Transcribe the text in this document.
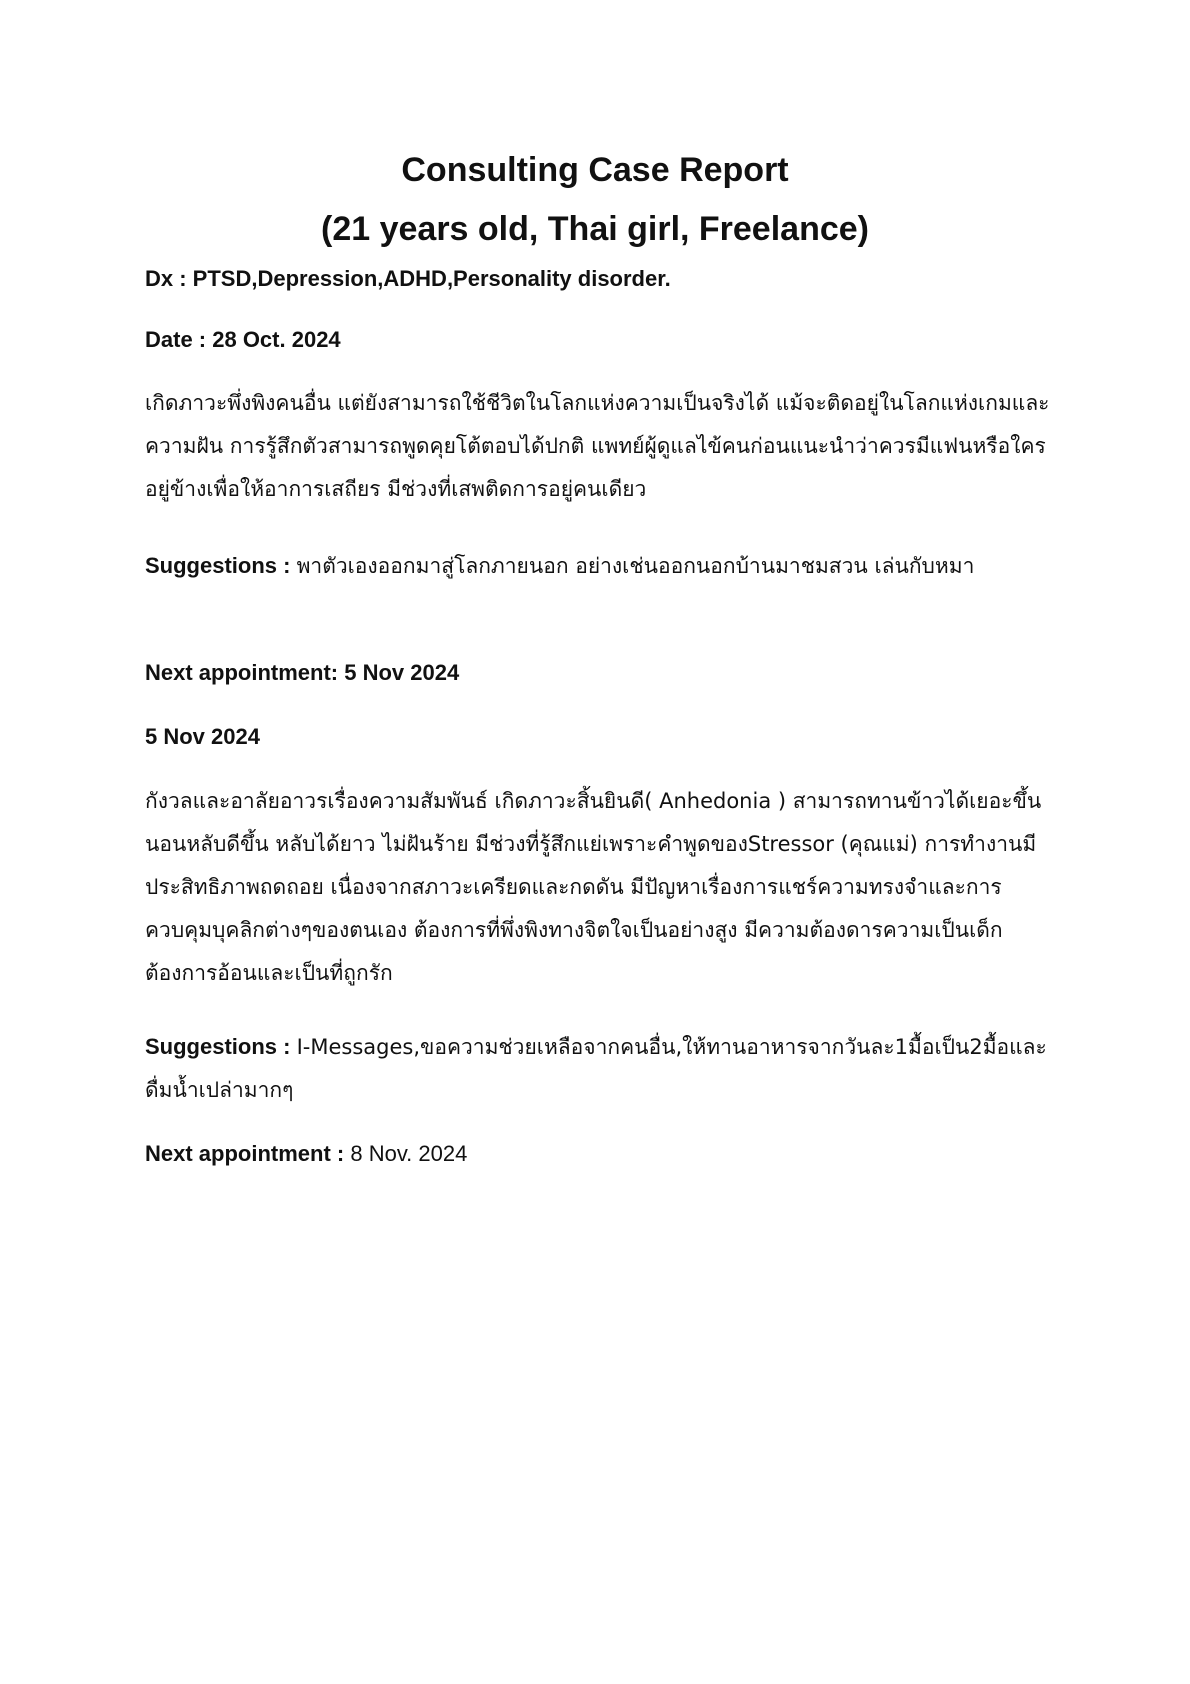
Consulting Case Report
(21 years old, Thai girl, Freelance)

Dx : PTSD,Depression,ADHD,Personality disorder.

Date : 28 Oct. 2024

เกิดภาวะพึ่งพิงคนอื่น แต่ยังสามารถใช้ชีวิตในโลกแห่งความเป็นจริงได้ แม้จะติดอยู่ในโลกแห่งเกมและความฝัน การรู้สึกตัวสามารถพูดคุยโต้ตอบได้ปกติ แพทย์ผู้ดูแลไข้คนก่อนแนะนำว่าควรมีแฟนหรือใครอยู่ข้างเพื่อให้อาการเสถียร มีช่วงที่เสพติดการอยู่คนเดียว

Suggestions : พาตัวเองออกมาสู่โลกภายนอก อย่างเช่นออกนอกบ้านมาชมสวน เล่นกับหมา

Next appointment: 5 Nov 2024

5 Nov 2024

กังวลและอาลัยอาวรเรื่องความสัมพันธ์ เกิดภาวะสิ้นยินดี( Anhedonia ) สามารถทานข้าวได้เยอะขึ้น นอนหลับดีขึ้น หลับได้ยาว ไม่ฝันร้าย มีช่วงที่รู้สึกแย่เพราะคำพูดของStressor (คุณแม่) การทำงานมีประสิทธิภาพถดถอย เนื่องจากสภาวะเครียดและกดดัน มีปัญหาเรื่องการแชร์ความทรงจำและการควบคุมบุคลิกต่างๆของตนเอง ต้องการที่พึ่งพิงทางจิตใจเป็นอย่างสูง มีความต้องดารความเป็นเด็ก ต้องการอ้อนและเป็นที่ถูกรัก

Suggestions : I-Messages,ขอความช่วยเหลือจากคนอื่น,ให้ทานอาหารจากวันละ1มื้อเป็น2มื้อและดื่มน้ำเปล่ามากๆ

Next appointment : 8 Nov. 2024
